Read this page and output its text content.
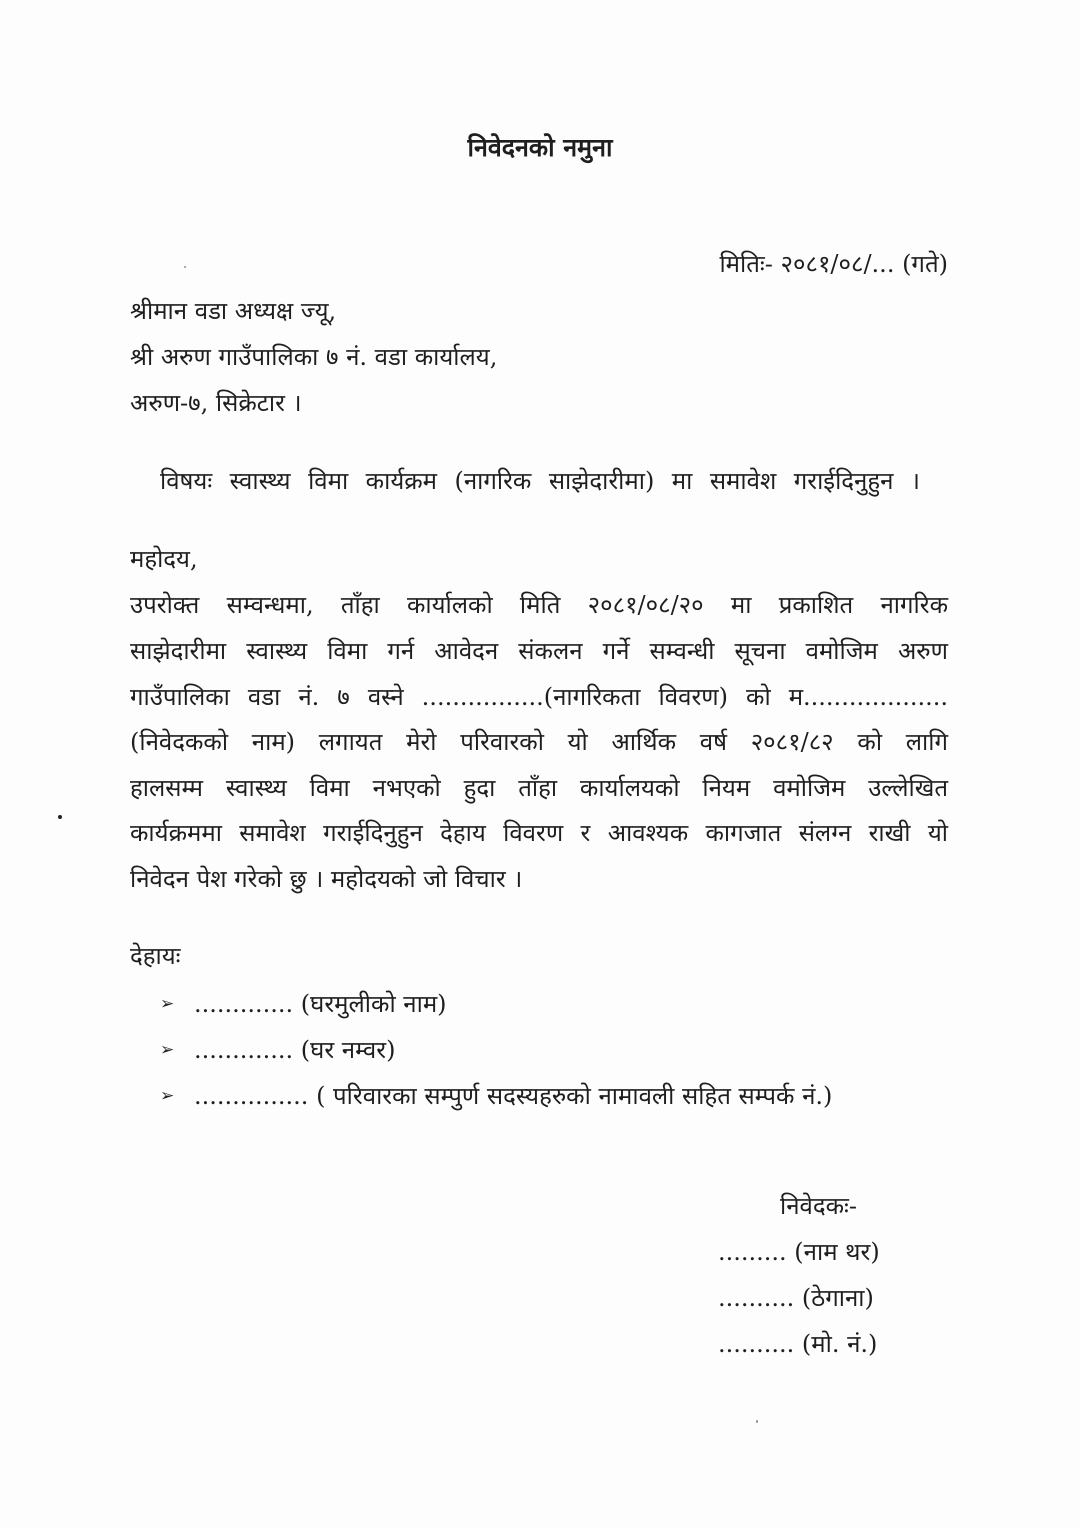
निवेदनको नमुना
मितिः- २०८१/०८/... (गते)
श्रीमान वडा अध्यक्ष ज्यू,
श्री अरुण गाउँपालिका ७ नं. वडा कार्यालय,
अरुण-७, सिक्रेटार ।
विषयः स्वास्थ्य विमा कार्यक्रम (नागरिक साझेदारीमा) मा समावेश गराईदिनुहुन ।
महोदय,
उपरोक्त सम्वन्धमा, ताँहा कार्यालको मिति २०८१/०८/२० मा प्रकाशित नागरिक
साझेदारीमा स्वास्थ्य विमा गर्न आवेदन संकलन गर्ने सम्वन्धी सूचना वमोजिम अरुण
गाउँपालिका वडा नं. ७ वस्ने ................(नागरिकता विवरण) को म...................
(निवेदकको नाम) लगायत मेरो परिवारको यो आर्थिक वर्ष २०८१/८२ को लागि
हालसम्म स्वास्थ्य विमा नभएको हुदा ताँहा कार्यालयको नियम वमोजिम उल्लेखित
कार्यक्रममा समावेश गराईदिनुहुन देहाय विवरण र आवश्यक कागजात संलग्न राखी यो
निवेदन पेश गरेको छु । महोदयको जो विचार ।
देहायः
➢ ............. (घरमुलीको नाम)
➢ ............. (घर नम्वर)
➢ ............... ( परिवारका सम्पुर्ण सदस्यहरुको नामावली सहित सम्पर्क नं.)
निवेदकः-
......... (नाम थर)
.......... (ठेगाना)
.......... (मो. नं.)
